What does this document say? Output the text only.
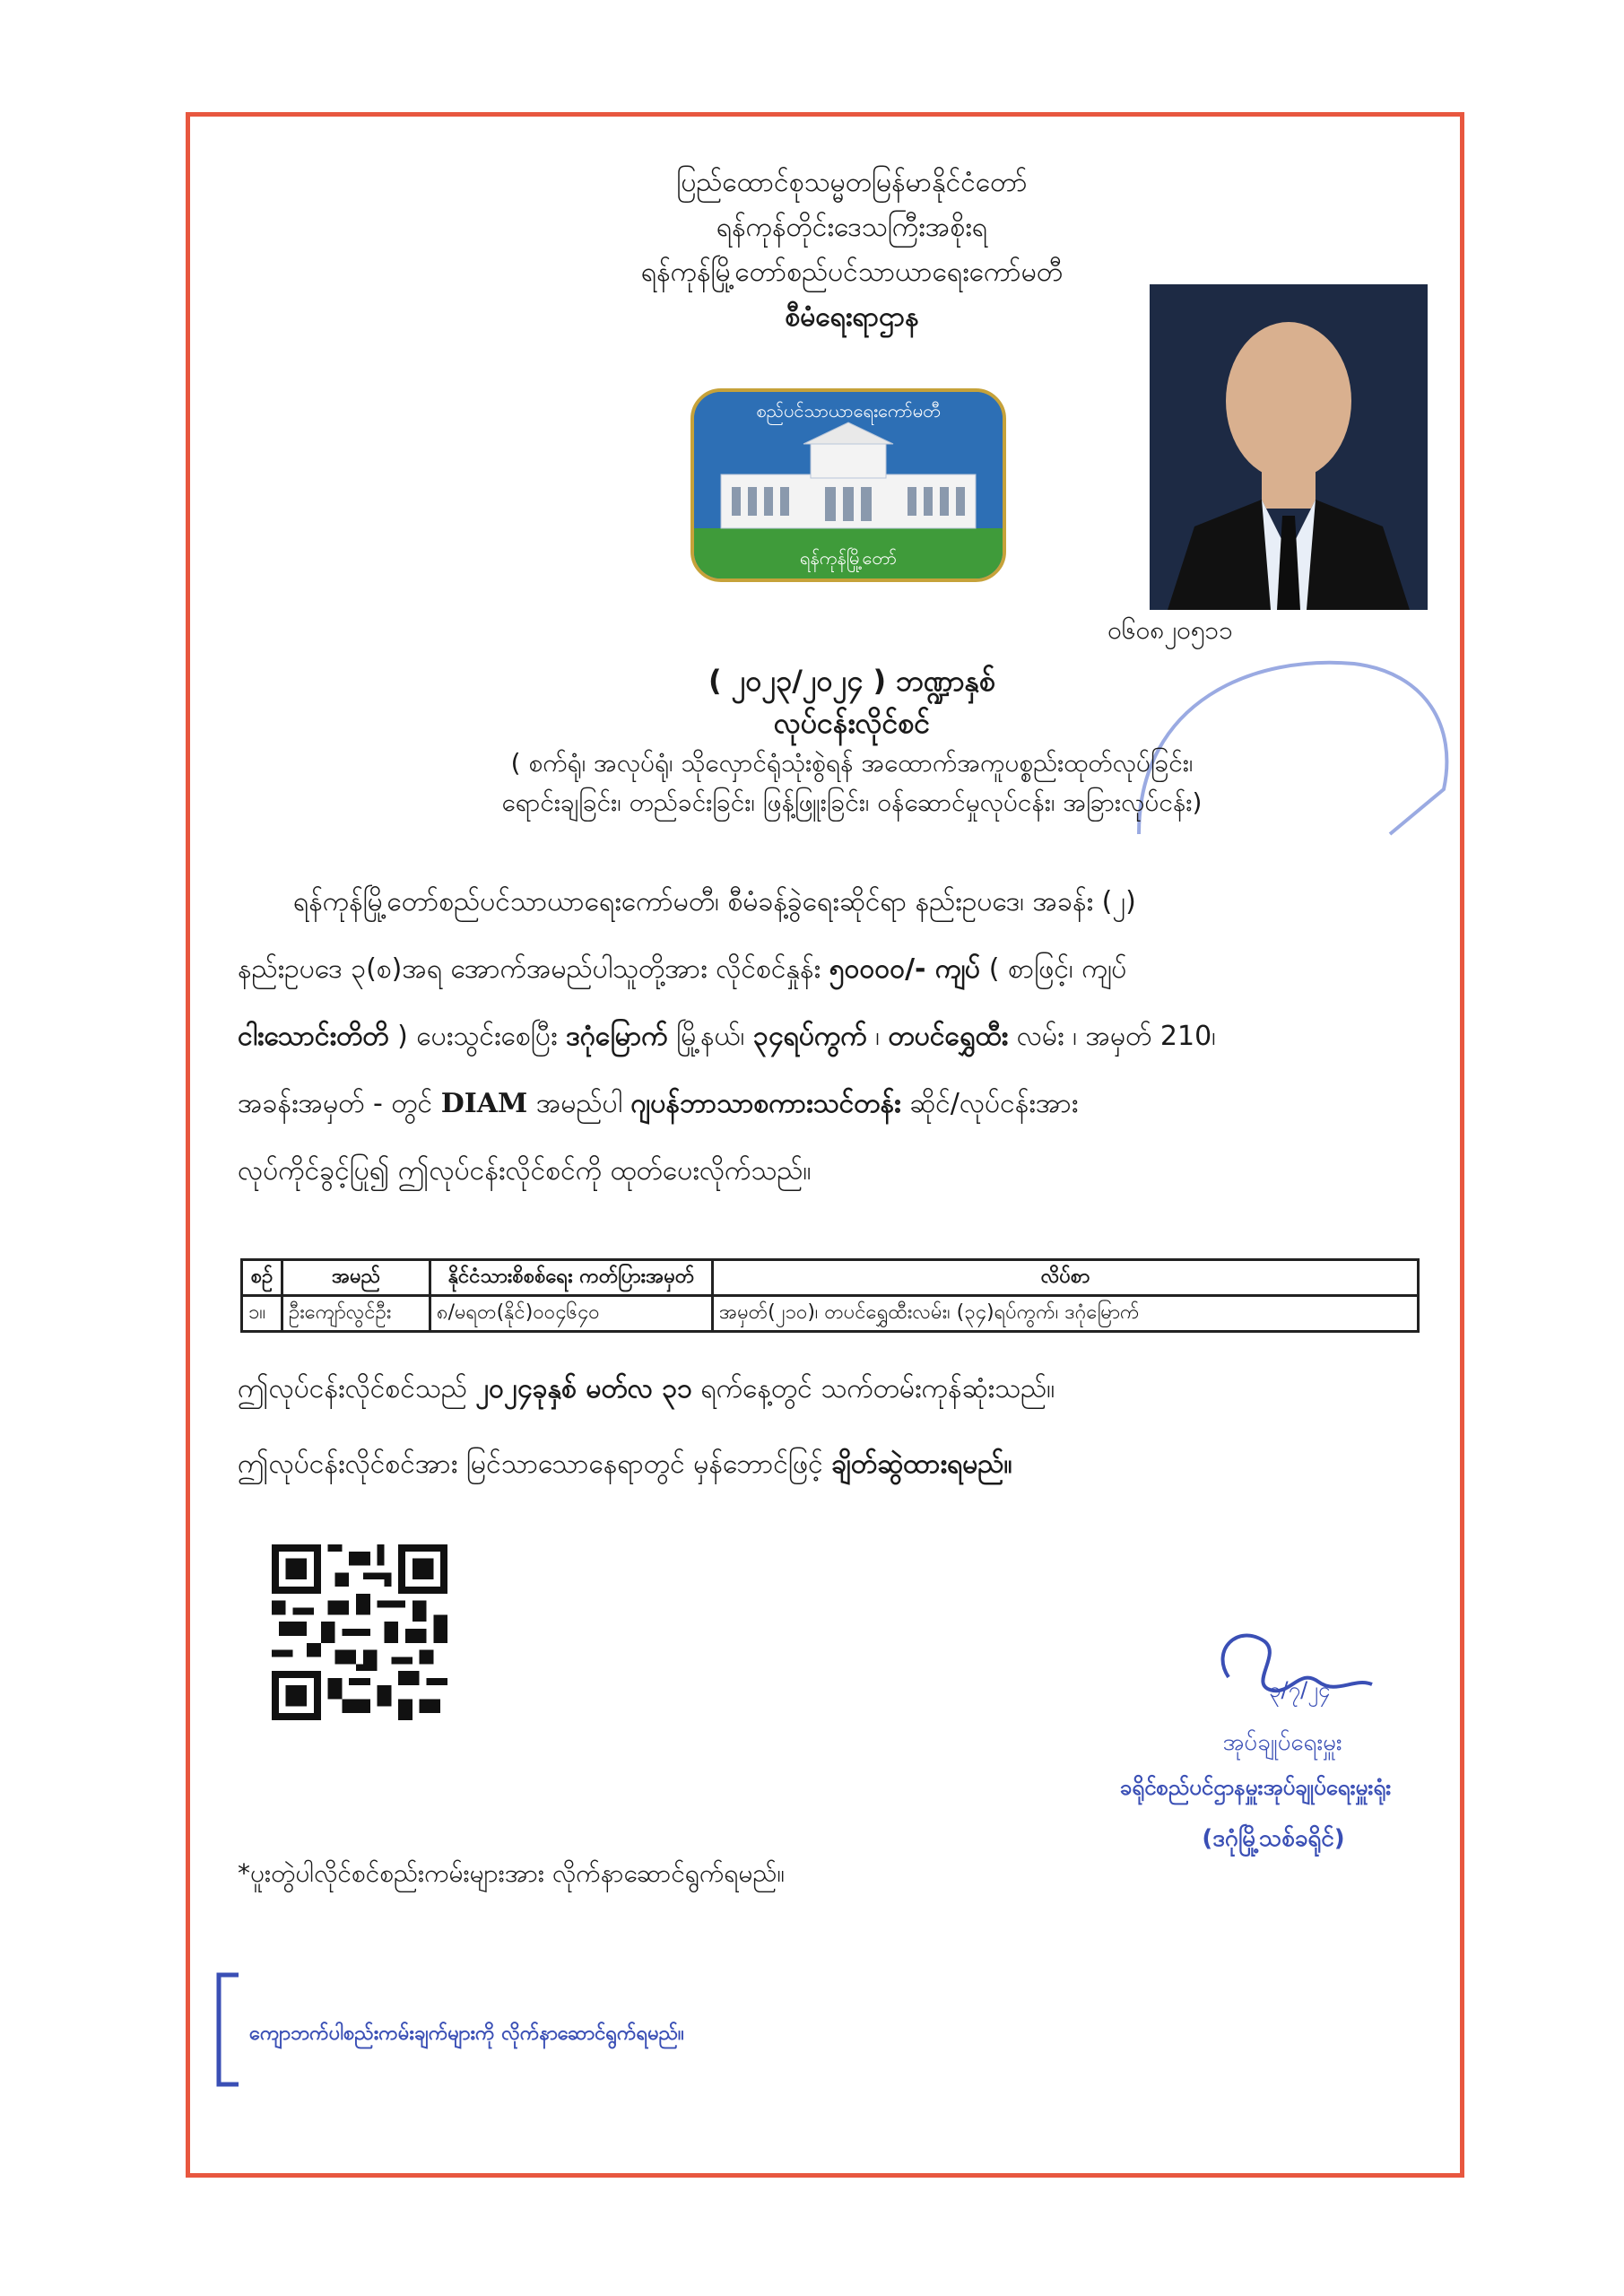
ပြည်ထောင်စုသမ္မတမြန်မာနိုင်ငံတော်
ရန်ကုန်တိုင်းဒေသကြီးအစိုးရ
ရန်ကုန်မြို့တော်စည်ပင်သာယာရေးကော်မတီ
စီမံရေးရာဌာန
စည်ပင်သာယာရေးကော်မတီ
ရန်ကုန်မြို့တော်
၀၆၀၈၂၀၅၁၁
( ၂၀၂၃/၂၀၂၄ ) ဘဏ္ဍာနှစ်
လုပ်ငန်းလိုင်စင်
( စက်ရုံ၊ အလုပ်ရုံ၊ သိုလှောင်ရုံသုံးစွဲရန် အထောက်အကူပစ္စည်းထုတ်လုပ်ခြင်း၊
ရောင်းချခြင်း၊ တည်ခင်းခြင်း၊ ဖြန့်ဖြူးခြင်း၊ ဝန်ဆောင်မှုလုပ်ငန်း၊ အခြားလုပ်ငန်း)
ရန်ကုန်မြို့တော်စည်ပင်သာယာရေးကော်မတီ၊ စီမံခန့်ခွဲရေးဆိုင်ရာ နည်းဥပဒေ၊ အခန်း (၂)
နည်းဥပဒေ ၃(စ)အရ အောက်အမည်ပါသူတို့အား လိုင်စင်နှုန်း ၅၀၀၀၀/- ကျပ် ( စာဖြင့်၊ ကျပ်
ငါးသောင်းတိတိ ) ပေးသွင်းစေပြီး ဒဂုံမြောက် မြို့နယ်၊ ၃၄ရပ်ကွက် ၊ တပင်ရွှေထီး လမ်း ၊ အမှတ် 210၊
အခန်းအမှတ် - တွင် DIAM အမည်ပါ ဂျပန်ဘာသာစကားသင်တန်း ဆိုင်/လုပ်ငန်းအား
လုပ်ကိုင်ခွင့်ပြု၍ ဤလုပ်ငန်းလိုင်စင်ကို ထုတ်ပေးလိုက်သည်။
စဉ်	အမည်	နိုင်ငံသားစိစစ်ရေး ကတ်ပြားအမှတ်	လိပ်စာ
၁။	ဦးကျော်လွင်ဦး	၈/မရတ(နိုင်)၀၀၄၆၄၀	အမှတ်(၂၁၀)၊ တပင်ရွှေထီးလမ်း၊ (၃၄)ရပ်ကွက်၊ ဒဂုံမြောက်
ဤလုပ်ငန်းလိုင်စင်သည် ၂၀၂၄ခုနှစ် မတ်လ ၃၁ ရက်နေ့တွင် သက်တမ်းကုန်ဆုံးသည်။
ဤလုပ်ငန်းလိုင်စင်အား မြင်သာသောနေရာတွင် မှန်ဘောင်ဖြင့် ချိတ်ဆွဲထားရမည်။
၃/၇/၂၄
အုပ်ချုပ်ရေးမှူး
ခရိုင်စည်ပင်ဌာနမှူးအုပ်ချုပ်ရေးမှူးရုံး
(ဒဂုံမြို့သစ်ခရိုင်)
*ပူးတွဲပါလိုင်စင်စည်းကမ်းများအား လိုက်နာဆောင်ရွက်ရမည်။
ကျောဘက်ပါစည်းကမ်းချက်များကို လိုက်နာဆောင်ရွက်ရမည်။
